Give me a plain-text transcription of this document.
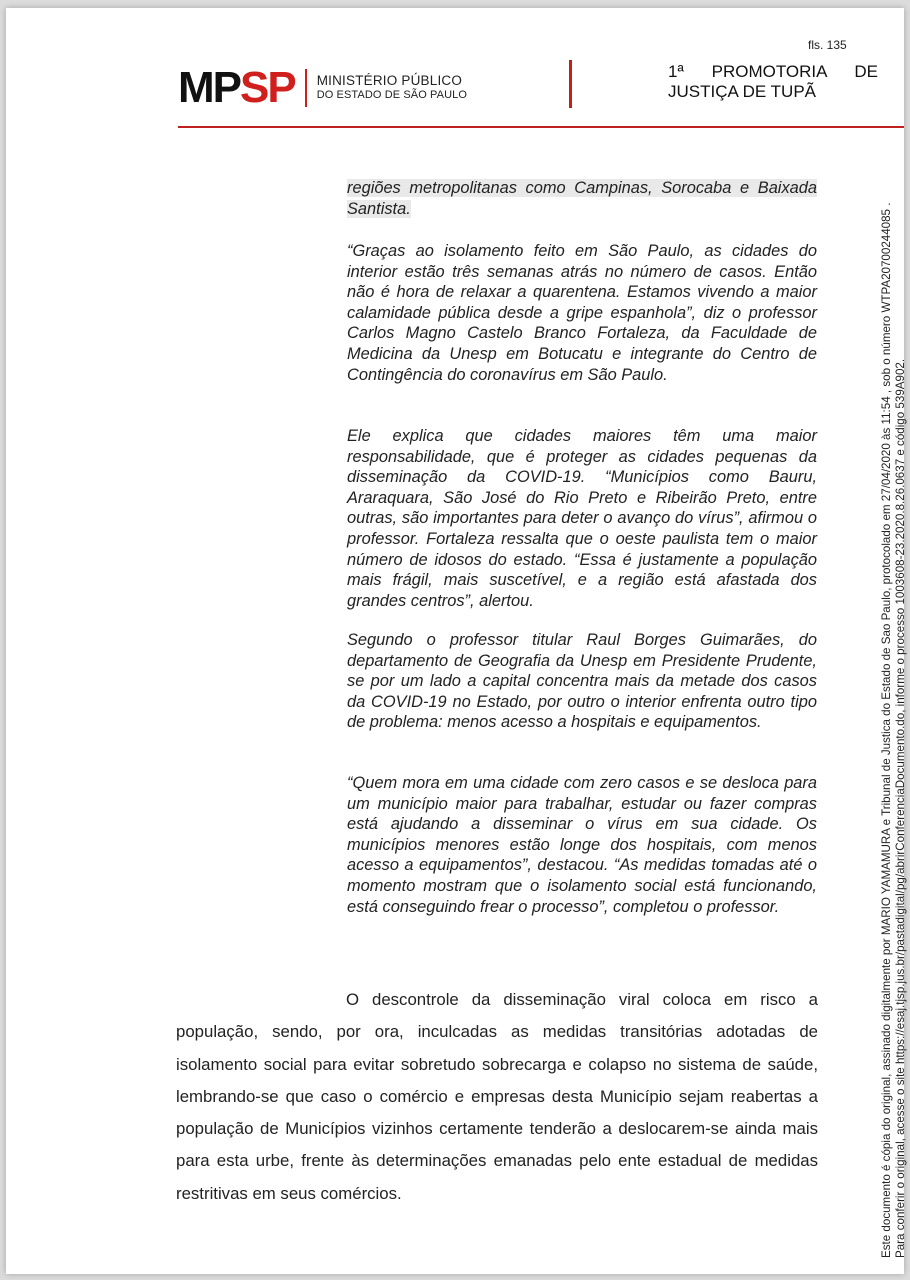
fls. 135
MP SP MINISTÉRIO PÚBLICO
DO ESTADO DE SÃO PAULO
1ª PROMOTORIA DE
JUSTIÇA DE TUPÃ
regiões metropolitanas como Campinas, Sorocaba e Baixada Santista.
“Graças ao isolamento feito em São Paulo, as cidades do interior estão três semanas atrás no número de casos. Então não é hora de relaxar a quarentena. Estamos vivendo a maior calamidade pública desde a gripe espanhola”, diz o professor Carlos Magno Castelo Branco Fortaleza, da Faculdade de Medicina da Unesp em Botucatu e integrante do Centro de Contingência do coronavírus em São Paulo.
Ele explica que cidades maiores têm uma maior responsabilidade, que é proteger as cidades pequenas da disseminação da COVID-19. “Municípios como Bauru, Araraquara, São José do Rio Preto e Ribeirão Preto, entre outras, são importantes para deter o avanço do vírus”, afirmou o professor. Fortaleza ressalta que o oeste paulista tem o maior número de idosos do estado. “Essa é justamente a população mais frágil, mais suscetível, e a região está afastada dos grandes centros”, alertou.
Segundo o professor titular Raul Borges Guimarães, do departamento de Geografia da Unesp em Presidente Prudente, se por um lado a capital concentra mais da metade dos casos da COVID-19 no Estado, por outro o interior enfrenta outro tipo de problema: menos acesso a hospitais e equipamentos.
“Quem mora em uma cidade com zero casos e se desloca para um município maior para trabalhar, estudar ou fazer compras está ajudando a disseminar o vírus em sua cidade. Os municípios menores estão longe dos hospitais, com menos acesso a equipamentos”, destacou. “As medidas tomadas até o momento mostram que o isolamento social está funcionando, está conseguindo frear o processo”, completou o professor.
O descontrole da disseminação viral coloca em risco a população, sendo, por ora, inculcadas as medidas transitórias adotadas de isolamento social para evitar sobretudo sobrecarga e colapso no sistema de saúde, lembrando-se que caso o comércio e empresas desta Município sejam reabertas a população de Municípios vizinhos certamente tenderão a deslocarem-se ainda mais para esta urbe, frente às determinações emanadas pelo ente estadual de medidas restritivas em seus comércios.	Este documento é cópia do original, assinado digitalmente por MARIO YAMAMURA e Tribunal de Justica do Estado de Sao Paulo, protocolado em 27/04/2020 às 11:54 , sob o número WTPA20700244085 . Para conferir o original, acesse o site https://esaj.tjsp.jus.br/pastadigital/pg/abrirConferenciaDocumento.do, informe o processo 1003608-23.2020.8.26.0637 e código 539A902.
